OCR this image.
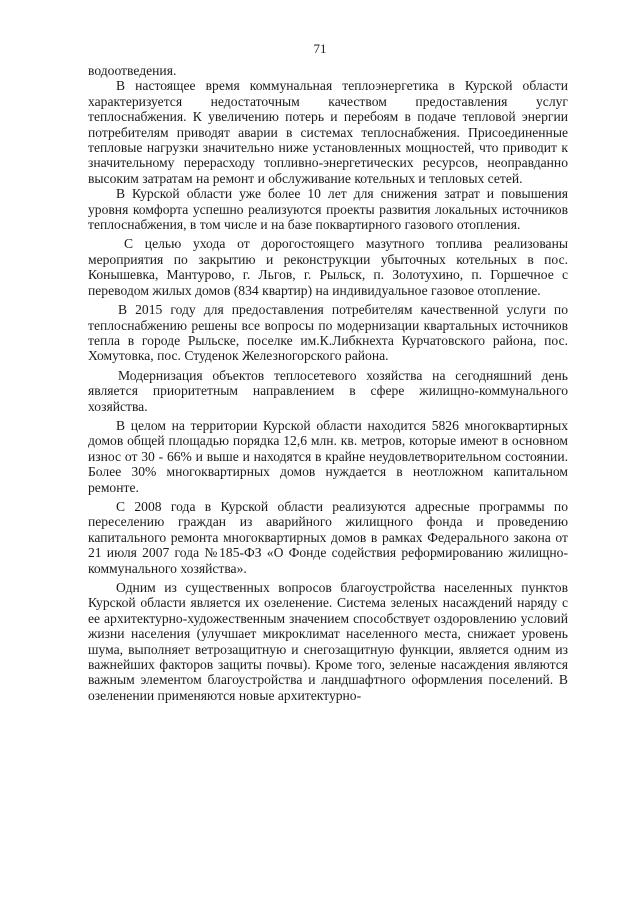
71

водоотведения.

В настоящее время коммунальная теплоэнергетика в Курской области характеризуется недостаточным качеством предоставления услуг теплоснабжения. К увеличению потерь и перебоям в подаче тепловой энергии потребителям приводят аварии в системах теплоснабжения. Присоединенные тепловые нагрузки значительно ниже установленных мощностей, что приводит к значительному перерасходу топливно-энергетических ресурсов, неоправданно высоким затратам на ремонт и обслуживание котельных и тепловых сетей.

В Курской области уже более 10 лет для снижения затрат и повышения уровня комфорта успешно реализуются проекты развития локальных источников теплоснабжения, в том числе и на базе поквартирного газового отопления.

С целью ухода от дорогостоящего мазутного топлива реализованы мероприятия по закрытию и реконструкции убыточных котельных в пос. Конышевка, Мантурово, г. Льгов, г. Рыльск, п. Золотухино, п. Горшечное с переводом жилых домов (834 квартир) на индивидуальное газовое отопление.

В 2015 году для предоставления потребителям качественной услуги по теплоснабжению решены все вопросы по модернизации квартальных источников тепла в городе Рыльске, поселке им.К.Либкнехта Курчатовского района, пос. Хомутовка, пос. Студенок Железногорского района.

Модернизация объектов теплосетевого хозяйства на сегодняшний день является приоритетным направлением в сфере жилищно-коммунального хозяйства.

В целом на территории Курской области находится 5826 многоквартирных домов общей площадью порядка 12,6 млн. кв. метров, которые имеют в основном износ от 30 - 66% и выше и находятся в крайне неудовлетворительном состоянии. Более 30% многоквартирных домов нуждается в неотложном капитальном ремонте.

С 2008 года в Курской области реализуются адресные программы по переселению граждан из аварийного жилищного фонда и проведению капитального ремонта многоквартирных домов в рамках Федерального закона от 21 июля 2007 года №185-ФЗ «О Фонде содействия реформированию жилищно-коммунального хозяйства».

Одним из существенных вопросов благоустройства населенных пунктов Курской области является их озеленение. Система зеленых насаждений наряду с ее архитектурно-художественным значением способствует оздоровлению условий жизни населения (улучшает микроклимат населенного места, снижает уровень шума, выполняет ветрозащитную и снегозащитную функции, является одним из важнейших факторов защиты почвы). Кроме того, зеленые насаждения являются важным элементом благоустройства и ландшафтного оформления поселений. В озеленении применяются новые архитектурно-
